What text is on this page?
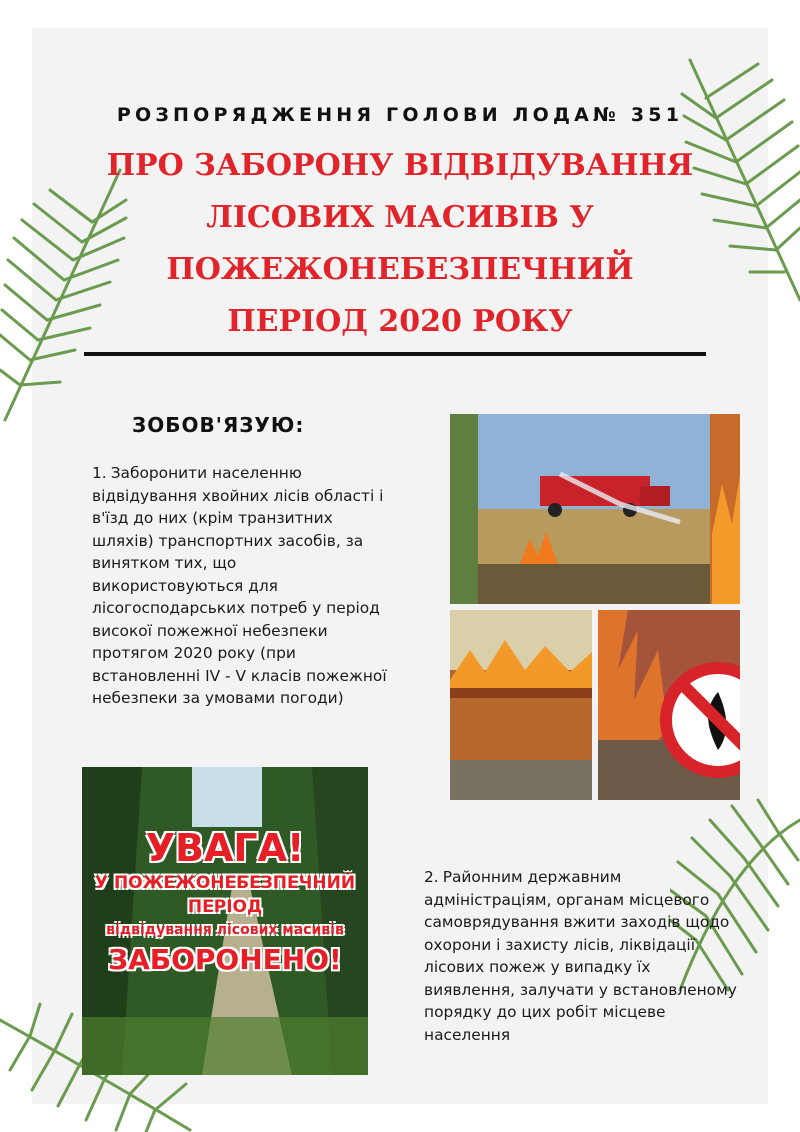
РОЗПОРЯДЖЕННЯ ГОЛОВИ ЛОДА№ 351
ПРО ЗАБОРОНУ ВІДВІДУВАННЯ
ЛІСОВИХ МАСИВІВ У
ПОЖЕЖОНЕБЕЗПЕЧНИЙ
ПЕРІОД 2020 РОКУ
ЗОБОВ'ЯЗУЮ:
1. Заборонити населенню відвідування хвойних лісів області і в'їзд до них (крім транзитних шляхів) транспортних засобів, за винятком тих, що використовуються для лісогосподарських потреб у період високої пожежної небезпеки протягом 2020 року (при встановленні IV - V класів пожежної небезпеки за умовами погоди)
2. Районним державним адміністраціям, органам місцевого самоврядування вжити заходів щодо охорони і захисту лісів, ліквідації лісових пожеж у випадку їх виявлення, залучати у встановленому порядку до цих робіт місцеве населення
УВАГА!
У ПОЖЕЖОНЕБЕЗПЕЧНИЙ
ПЕРІОД
відвідування лісових масивів
ЗАБОРОНЕНО!
